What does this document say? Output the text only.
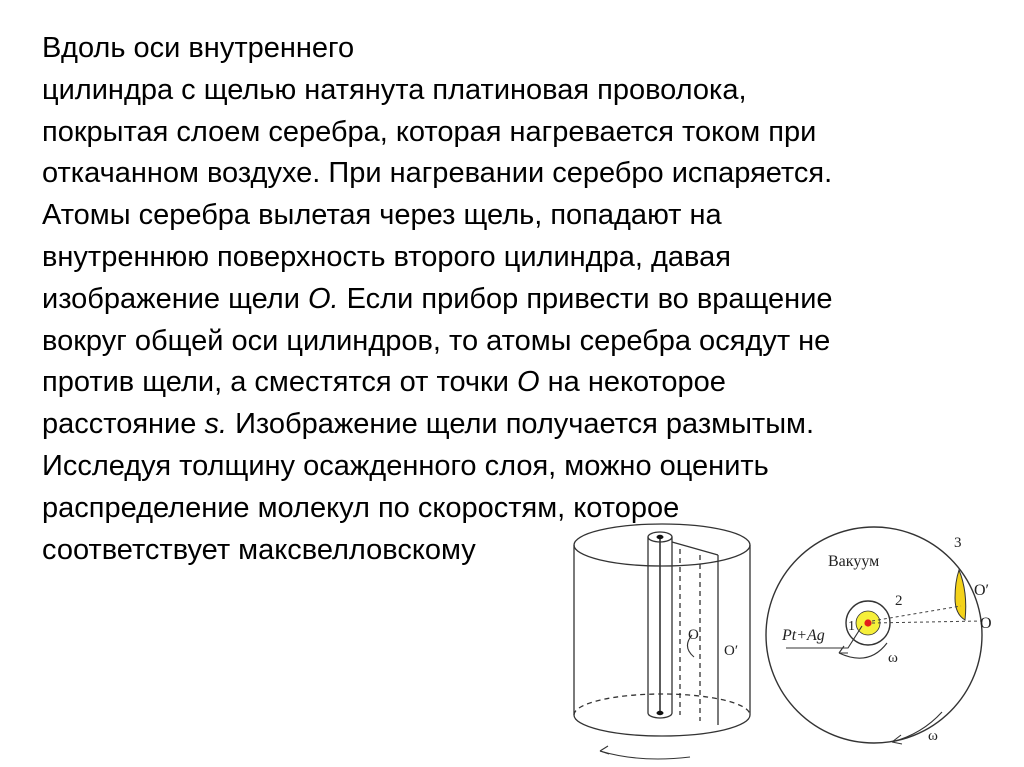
Вдоль оси внутреннего
цилиндра с щелью натянута платиновая проволока,
покрытая слоем серебра, которая нагревается током при
откачанном воздухе. При нагревании серебро испаряется.
Атомы серебра вылетая через щель, попадают на
внутреннюю поверхность второго цилиндра, давая
изображение щели О. Если прибор привести во вращение
вокруг общей оси цилиндров, то атомы серебра осядут не
против щели, а сместятся от точки О на некоторое
расстояние s. Изображение щели получается размытым.
Исследуя толщину осажденного слоя, можно оценить
распределение молекул по скоростям, которое
соответствует максвелловскому
O
O′
Вакуум
3
2
1
O′
O
Pt+Ag
ω
ω
